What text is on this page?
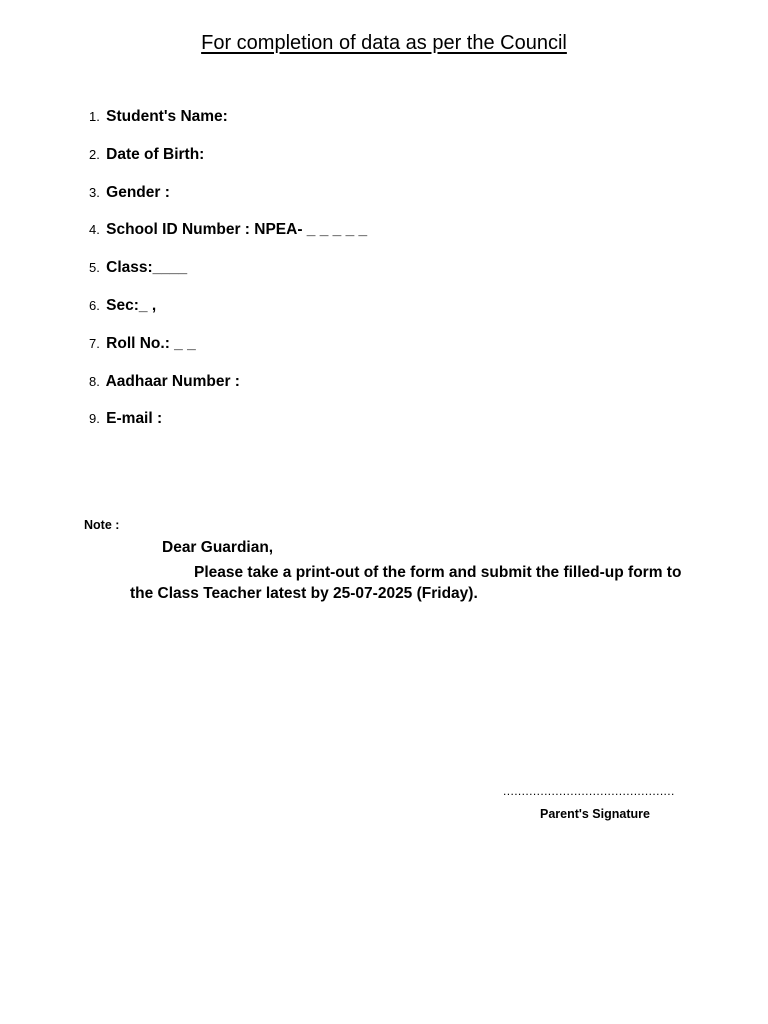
For completion of data as per the Council
1. Student's Name:
2. Date of Birth:
3. Gender :
4. School ID Number : NPEA- _ _ _ _ _
5. Class:____
6. Sec:_ ,
7. Roll No.: _ _
8. Aadhaar Number :
9. E-mail :
Note :
Dear Guardian,
Please take a print-out of the form and submit the filled-up form to
the Class Teacher latest by 25-07-2025 (Friday).
..............................................
Parent's Signature
